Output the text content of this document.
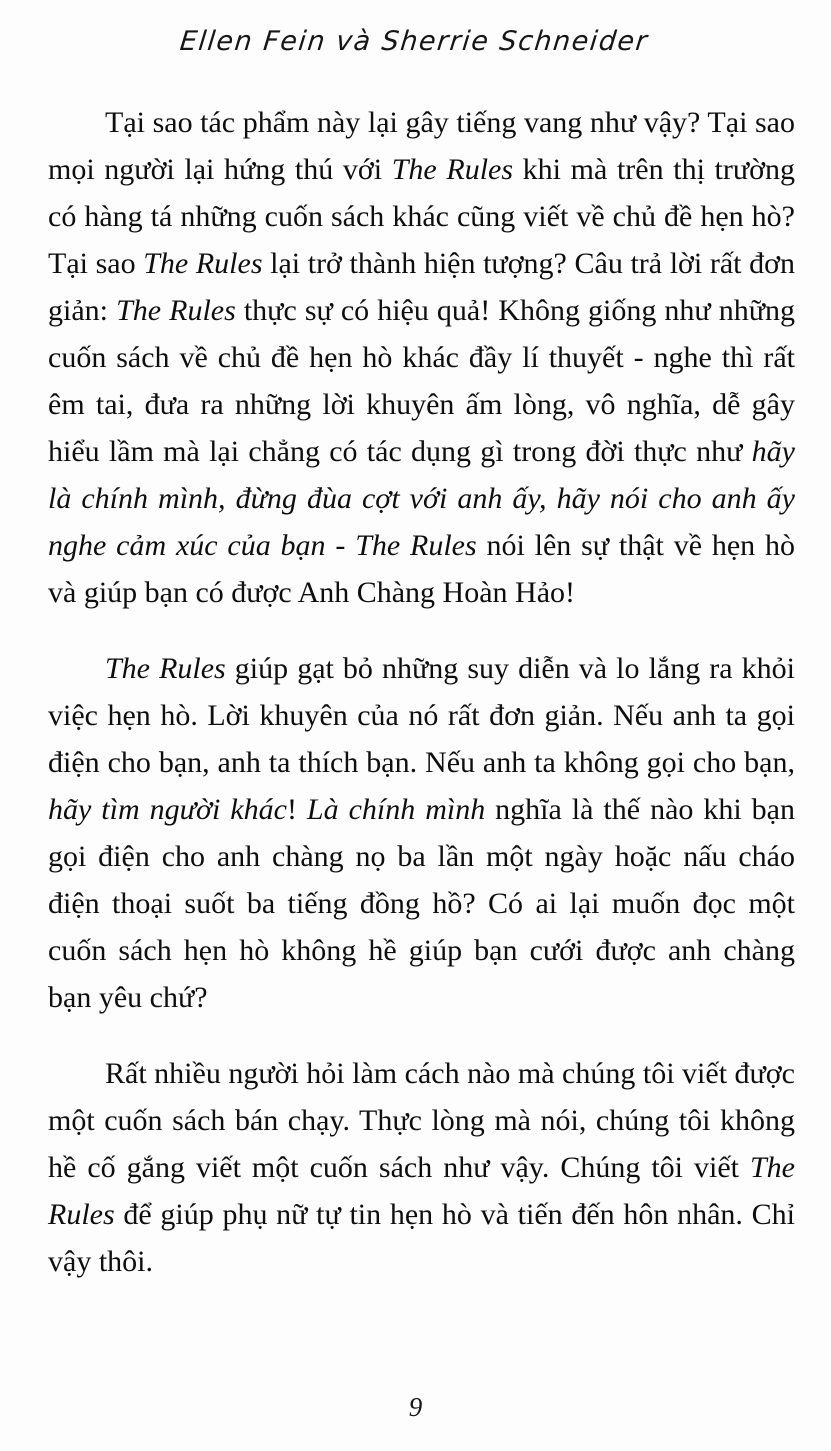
Ellen Fein và Sherrie Schneider

Tại sao tác phẩm này lại gây tiếng vang như vậy? Tại sao mọi người lại hứng thú với The Rules khi mà trên thị trường có hàng tá những cuốn sách khác cũng viết về chủ đề hẹn hò? Tại sao The Rules lại trở thành hiện tượng? Câu trả lời rất đơn giản: The Rules thực sự có hiệu quả! Không giống như những cuốn sách về chủ đề hẹn hò khác đầy lí thuyết - nghe thì rất êm tai, đưa ra những lời khuyên ấm lòng, vô nghĩa, dễ gây hiểu lầm mà lại chẳng có tác dụng gì trong đời thực như hãy là chính mình, đừng đùa cợt với anh ấy, hãy nói cho anh ấy nghe cảm xúc của bạn - The Rules nói lên sự thật về hẹn hò và giúp bạn có được Anh Chàng Hoàn Hảo!

The Rules giúp gạt bỏ những suy diễn và lo lắng ra khỏi việc hẹn hò. Lời khuyên của nó rất đơn giản. Nếu anh ta gọi điện cho bạn, anh ta thích bạn. Nếu anh ta không gọi cho bạn, hãy tìm người khác! Là chính mình nghĩa là thế nào khi bạn gọi điện cho anh chàng nọ ba lần một ngày hoặc nấu cháo điện thoại suốt ba tiếng đồng hồ? Có ai lại muốn đọc một cuốn sách hẹn hò không hề giúp bạn cưới được anh chàng bạn yêu chứ?

Rất nhiều người hỏi làm cách nào mà chúng tôi viết được một cuốn sách bán chạy. Thực lòng mà nói, chúng tôi không hề cố gắng viết một cuốn sách như vậy. Chúng tôi viết The Rules để giúp phụ nữ tự tin hẹn hò và tiến đến hôn nhân. Chỉ vậy thôi.

9
